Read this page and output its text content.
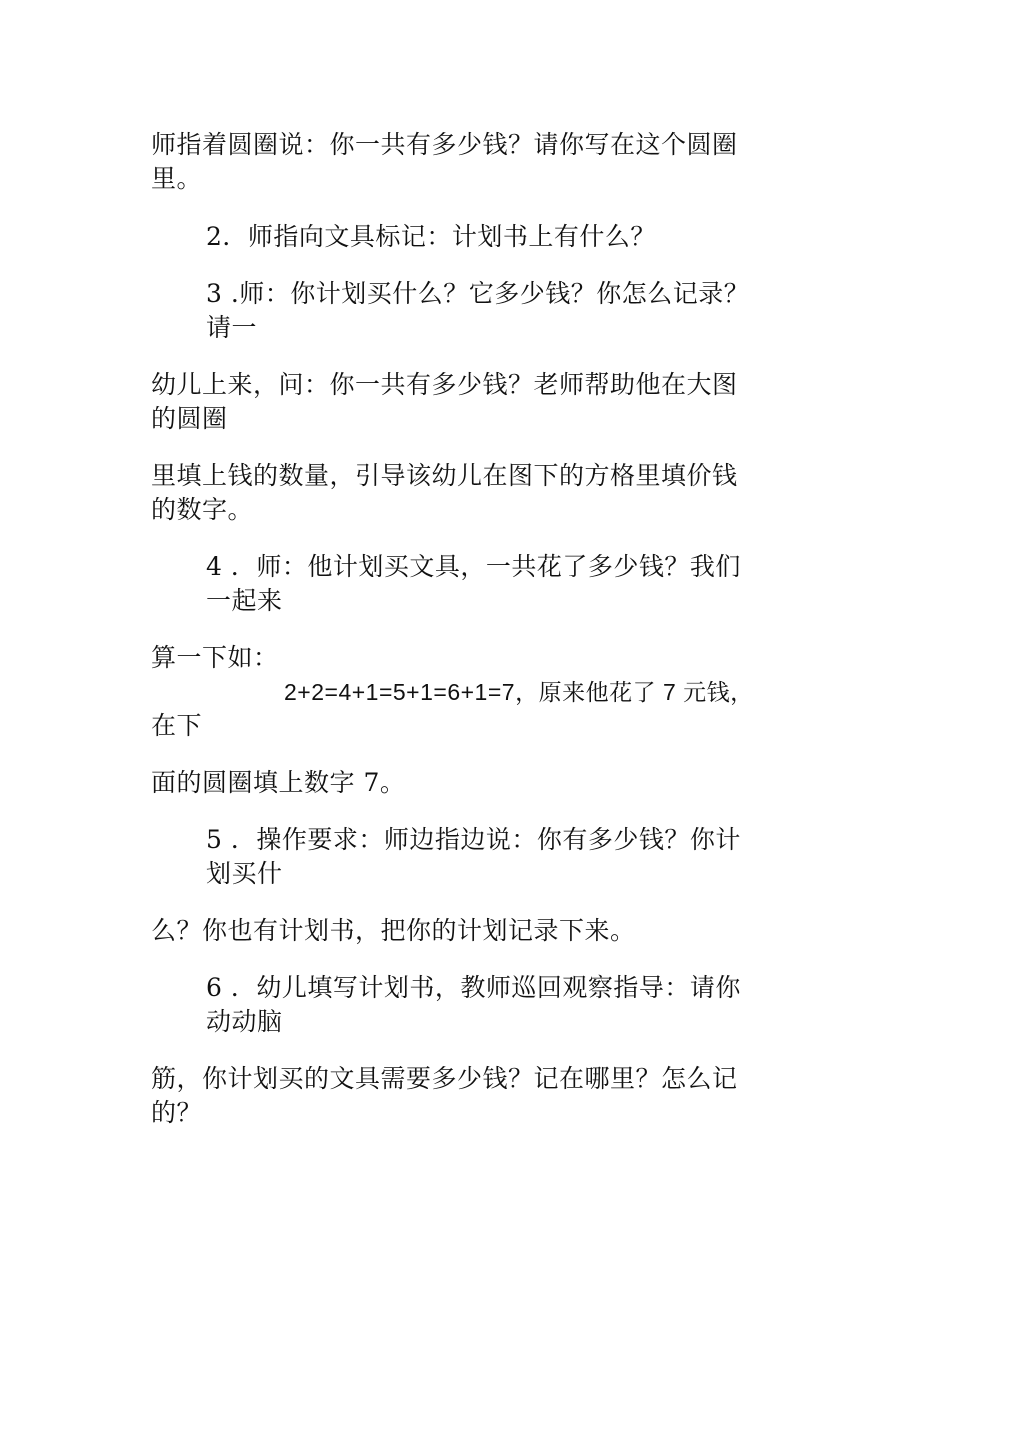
师指着圆圈说：你一共有多少钱？请你写在这个圆圈

里。

2．师指向文具标记：计划书上有什么？

3 .师：你计划买什么？它多少钱？你怎么记录？

请一

幼儿上来，问：你一共有多少钱？老师帮助他在大图

的圆圈

里填上钱的数量，引导该幼儿在图下的方格里填价钱

的数字。

4 ．师：他计划买文具，一共花了多少钱？我们

一起来

算一下如：

2+2=4+1=5+1=6+1=7，原来他花了 7 元钱，

在下

面的圆圈填上数字 7。

5 ．操作要求：师边指边说：你有多少钱？你计

划买什

么？你也有计划书，把你的计划记录下来。

6 ．幼儿填写计划书，教师巡回观察指导：请你

动动脑

筋，你计划买的文具需要多少钱？记在哪里？怎么记

的？
